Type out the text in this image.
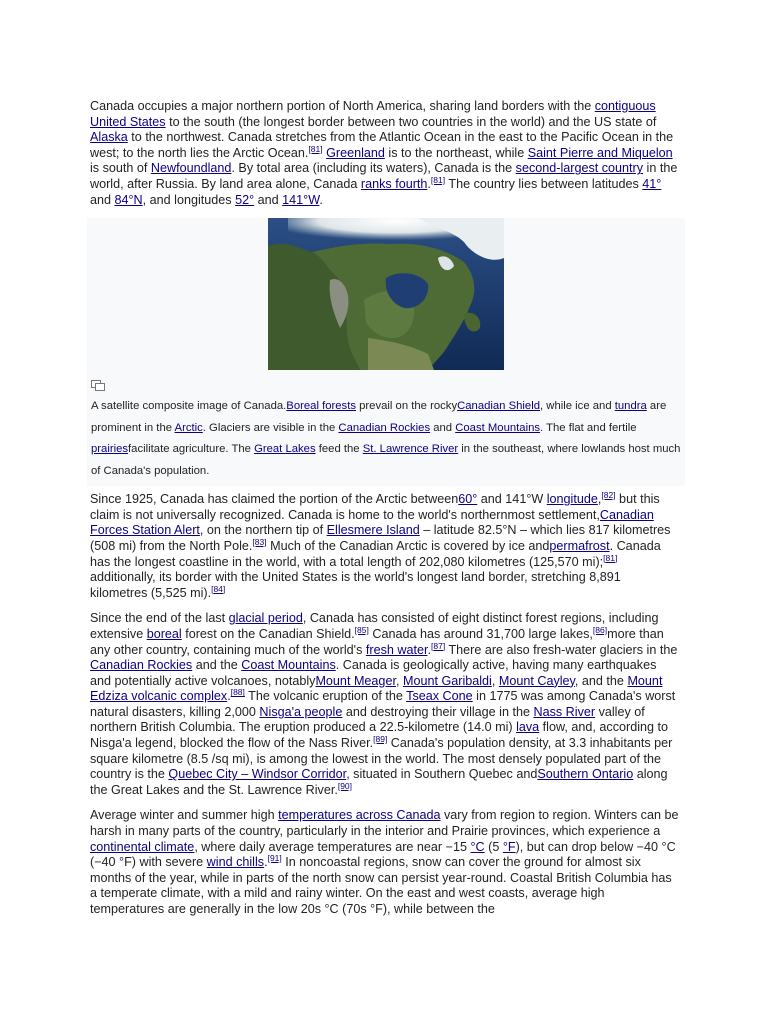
Canada occupies a major northern portion of North America, sharing land borders with the contiguous United States to the south (the longest border between two countries in the world) and the US state of Alaska to the northwest. Canada stretches from the Atlantic Ocean in the east to the Pacific Ocean in the west; to the north lies the Arctic Ocean.[81] Greenland is to the northeast, while Saint Pierre and Miquelon is south of Newfoundland. By total area (including its waters), Canada is the second-largest country in the world, after Russia. By land area alone, Canada ranks fourth.[81] The country lies between latitudes 41° and 84°N, and longitudes 52° and 141°W.

A satellite composite image of Canada.Boreal forests prevail on the rockyCanadian Shield, while ice and tundra are prominent in the Arctic. Glaciers are visible in the Canadian Rockies and Coast Mountains. The flat and fertile prairiesfacilitate agriculture. The Great Lakes feed the St. Lawrence River in the southeast, where lowlands host much of Canada's population.

Since 1925, Canada has claimed the portion of the Arctic between60° and 141°W longitude,[82] but this claim is not universally recognized. Canada is home to the world's northernmost settlement,Canadian Forces Station Alert, on the northern tip of Ellesmere Island – latitude 82.5°N – which lies 817 kilometres (508 mi) from the North Pole.[83] Much of the Canadian Arctic is covered by ice andpermafrost. Canada has the longest coastline in the world, with a total length of 202,080 kilometres (125,570 mi);[81] additionally, its border with the United States is the world's longest land border, stretching 8,891 kilometres (5,525 mi).[84]

Since the end of the last glacial period, Canada has consisted of eight distinct forest regions, including extensive boreal forest on the Canadian Shield.[85] Canada has around 31,700 large lakes,[86]more than any other country, containing much of the world's fresh water.[87] There are also fresh-water glaciers in the Canadian Rockies and the Coast Mountains. Canada is geologically active, having many earthquakes and potentially active volcanoes, notablyMount Meager, Mount Garibaldi, Mount Cayley, and the Mount Edziza volcanic complex.[88] The volcanic eruption of the Tseax Cone in 1775 was among Canada's worst natural disasters, killing 2,000 Nisga'a people and destroying their village in the Nass River valley of northern British Columbia. The eruption produced a 22.5-kilometre (14.0 mi) lava flow, and, according to Nisga'a legend, blocked the flow of the Nass River.[89] Canada's population density, at 3.3 inhabitants per square kilometre (8.5 /sq mi), is among the lowest in the world. The most densely populated part of the country is the Quebec City – Windsor Corridor, situated in Southern Quebec andSouthern Ontario along the Great Lakes and the St. Lawrence River.[90]

Average winter and summer high temperatures across Canada vary from region to region. Winters can be harsh in many parts of the country, particularly in the interior and Prairie provinces, which experience a continental climate, where daily average temperatures are near −15 °C (5 °F), but can drop below −40 °C (−40 °F) with severe wind chills.[91] In noncoastal regions, snow can cover the ground for almost six months of the year, while in parts of the north snow can persist year-round. Coastal British Columbia has a temperate climate, with a mild and rainy winter. On the east and west coasts, average high temperatures are generally in the low 20s °C (70s °F), while between the
